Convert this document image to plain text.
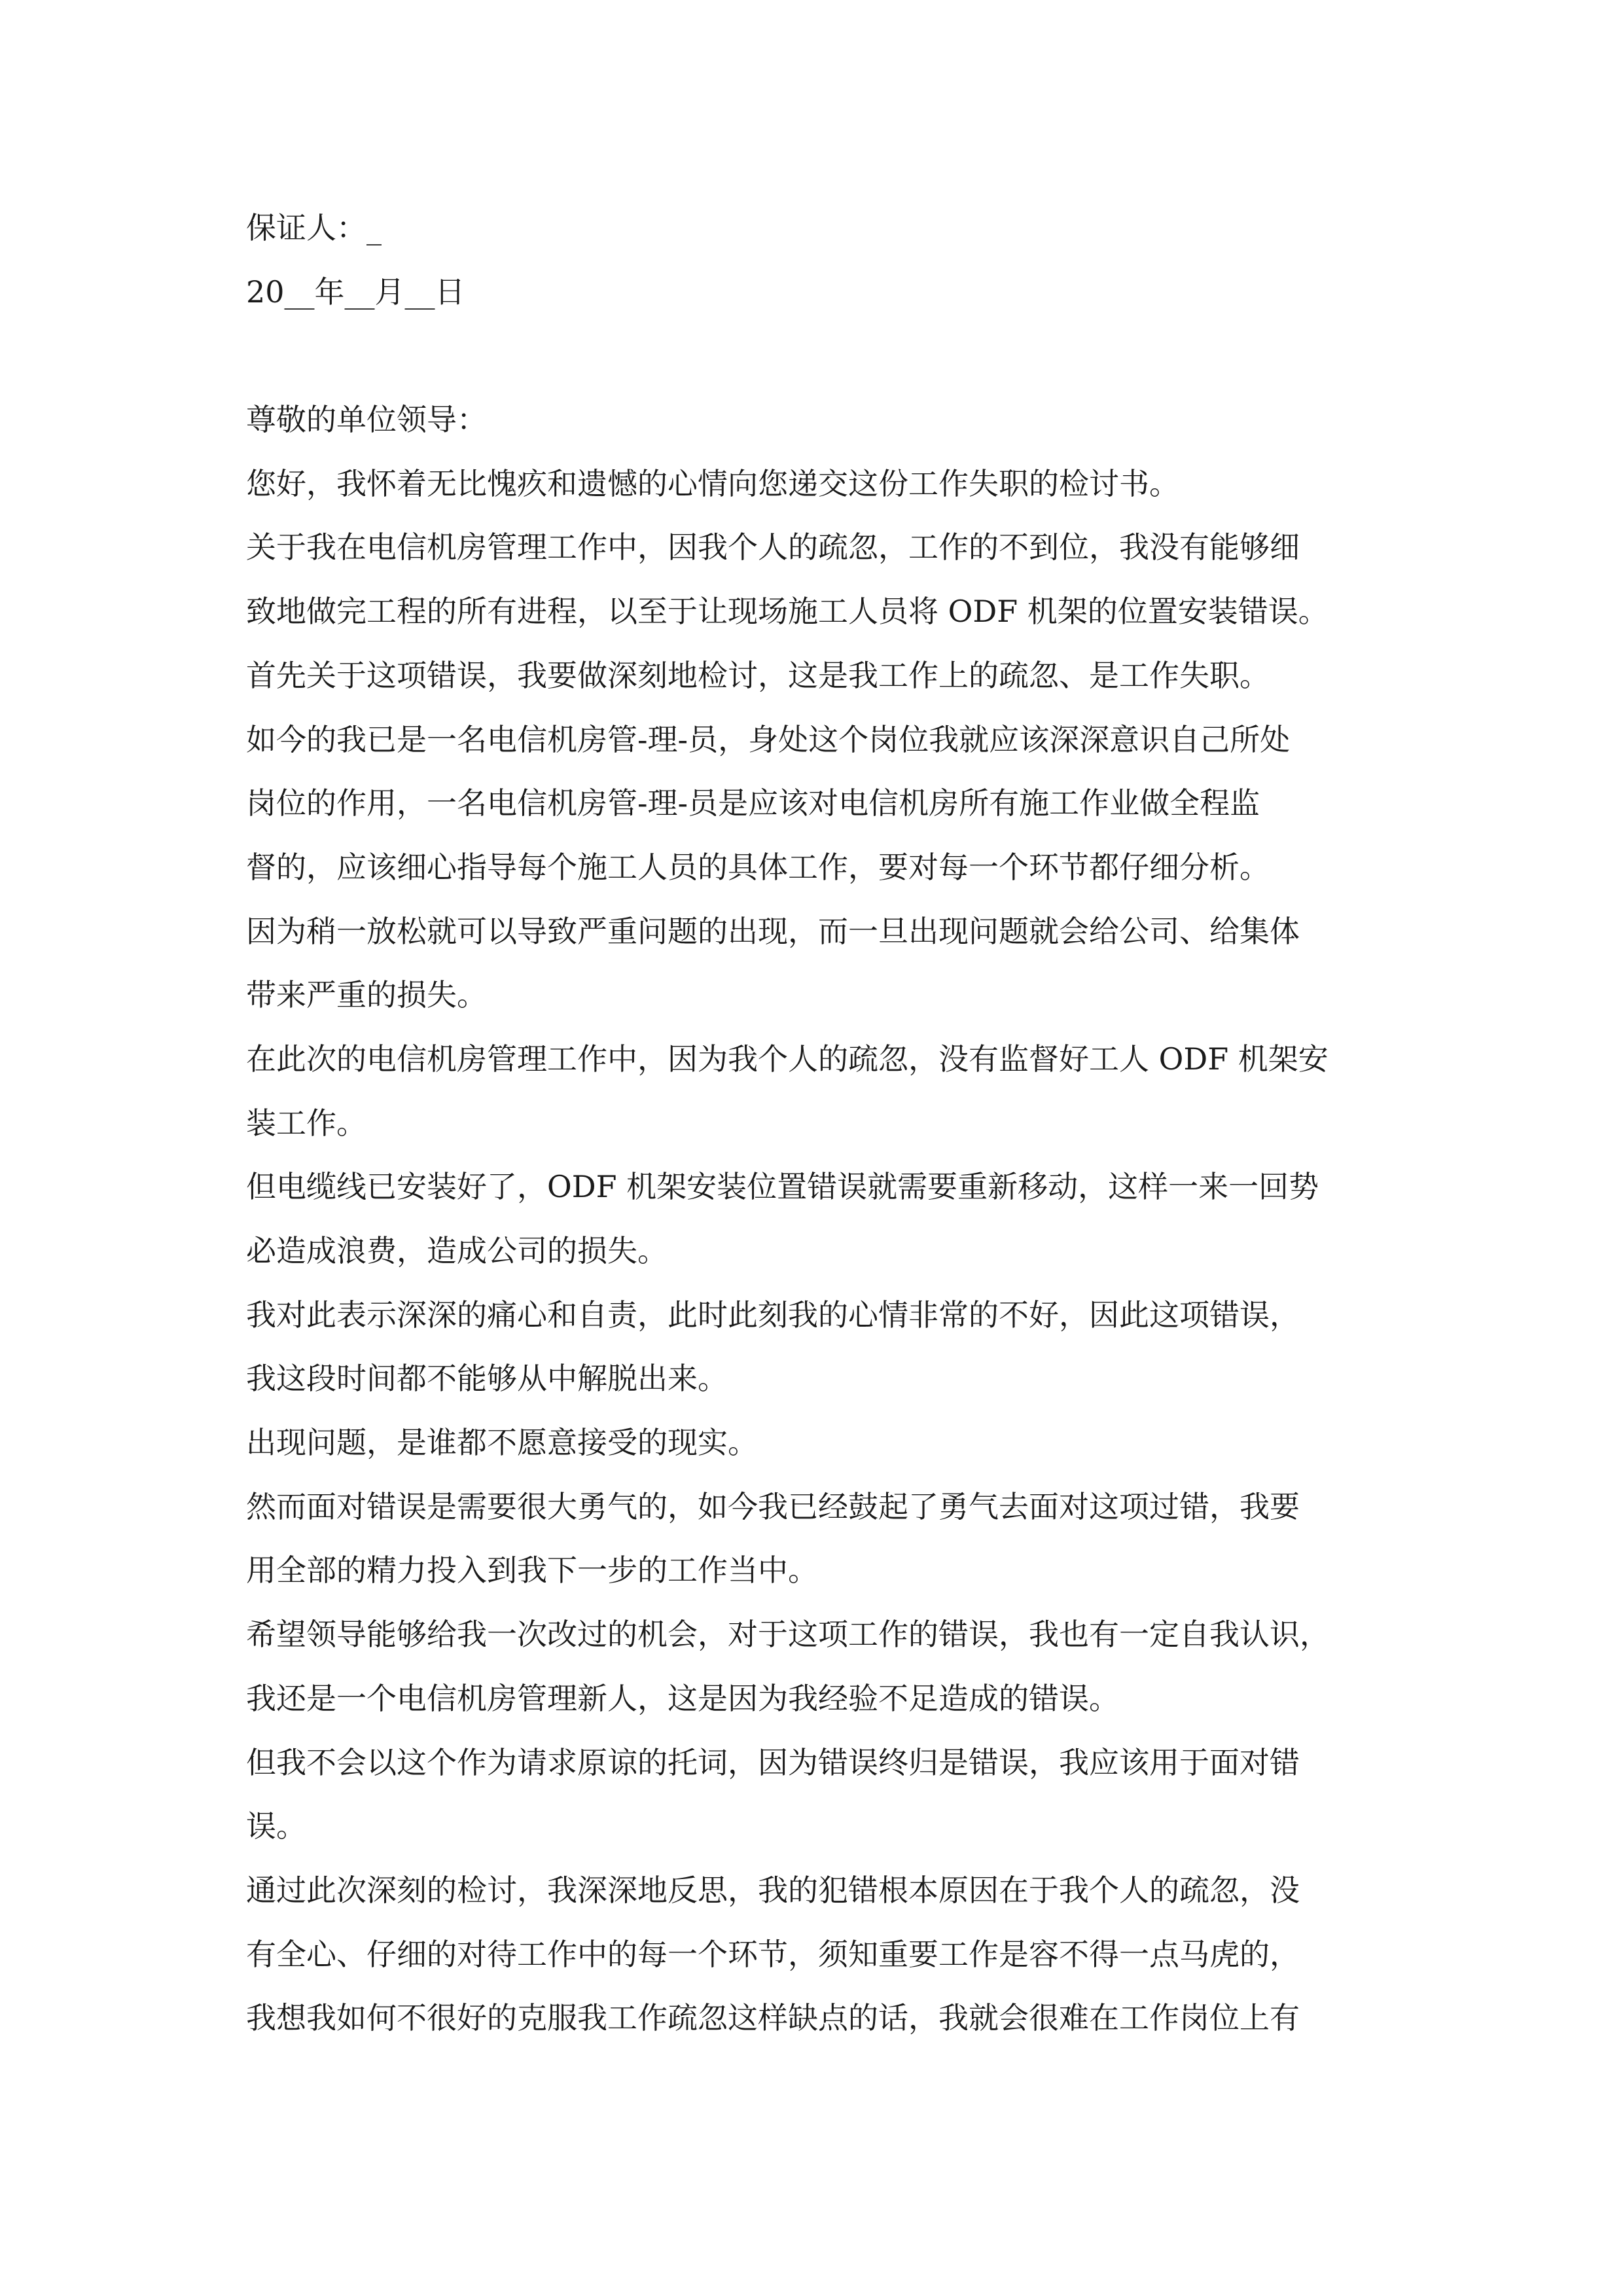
保证人：_
20__年__月__日
尊敬的单位领导：
您好，我怀着无比愧疚和遗憾的心情向您递交这份工作失职的检讨书。
关于我在电信机房管理工作中，因我个人的疏忽，工作的不到位，我没有能够细
致地做完工程的所有进程，以至于让现场施工人员将 ODF 机架的位置安装错误。
首先关于这项错误，我要做深刻地检讨，这是我工作上的疏忽、是工作失职。
如今的我已是一名电信机房管-理-员，身处这个岗位我就应该深深意识自己所处
岗位的作用，一名电信机房管-理-员是应该对电信机房所有施工作业做全程监
督的，应该细心指导每个施工人员的具体工作，要对每一个环节都仔细分析。
因为稍一放松就可以导致严重问题的出现，而一旦出现问题就会给公司、给集体
带来严重的损失。
在此次的电信机房管理工作中，因为我个人的疏忽，没有监督好工人 ODF 机架安
装工作。
但电缆线已安装好了，ODF 机架安装位置错误就需要重新移动，这样一来一回势
必造成浪费，造成公司的损失。
我对此表示深深的痛心和自责，此时此刻我的心情非常的不好，因此这项错误，
我这段时间都不能够从中解脱出来。
出现问题，是谁都不愿意接受的现实。
然而面对错误是需要很大勇气的，如今我已经鼓起了勇气去面对这项过错，我要
用全部的精力投入到我下一步的工作当中。
希望领导能够给我一次改过的机会，对于这项工作的错误，我也有一定自我认识，
我还是一个电信机房管理新人，这是因为我经验不足造成的错误。
但我不会以这个作为请求原谅的托词，因为错误终归是错误，我应该用于面对错
误。
通过此次深刻的检讨，我深深地反思，我的犯错根本原因在于我个人的疏忽，没
有全心、仔细的对待工作中的每一个环节，须知重要工作是容不得一点马虎的，
我想我如何不很好的克服我工作疏忽这样缺点的话，我就会很难在工作岗位上有
